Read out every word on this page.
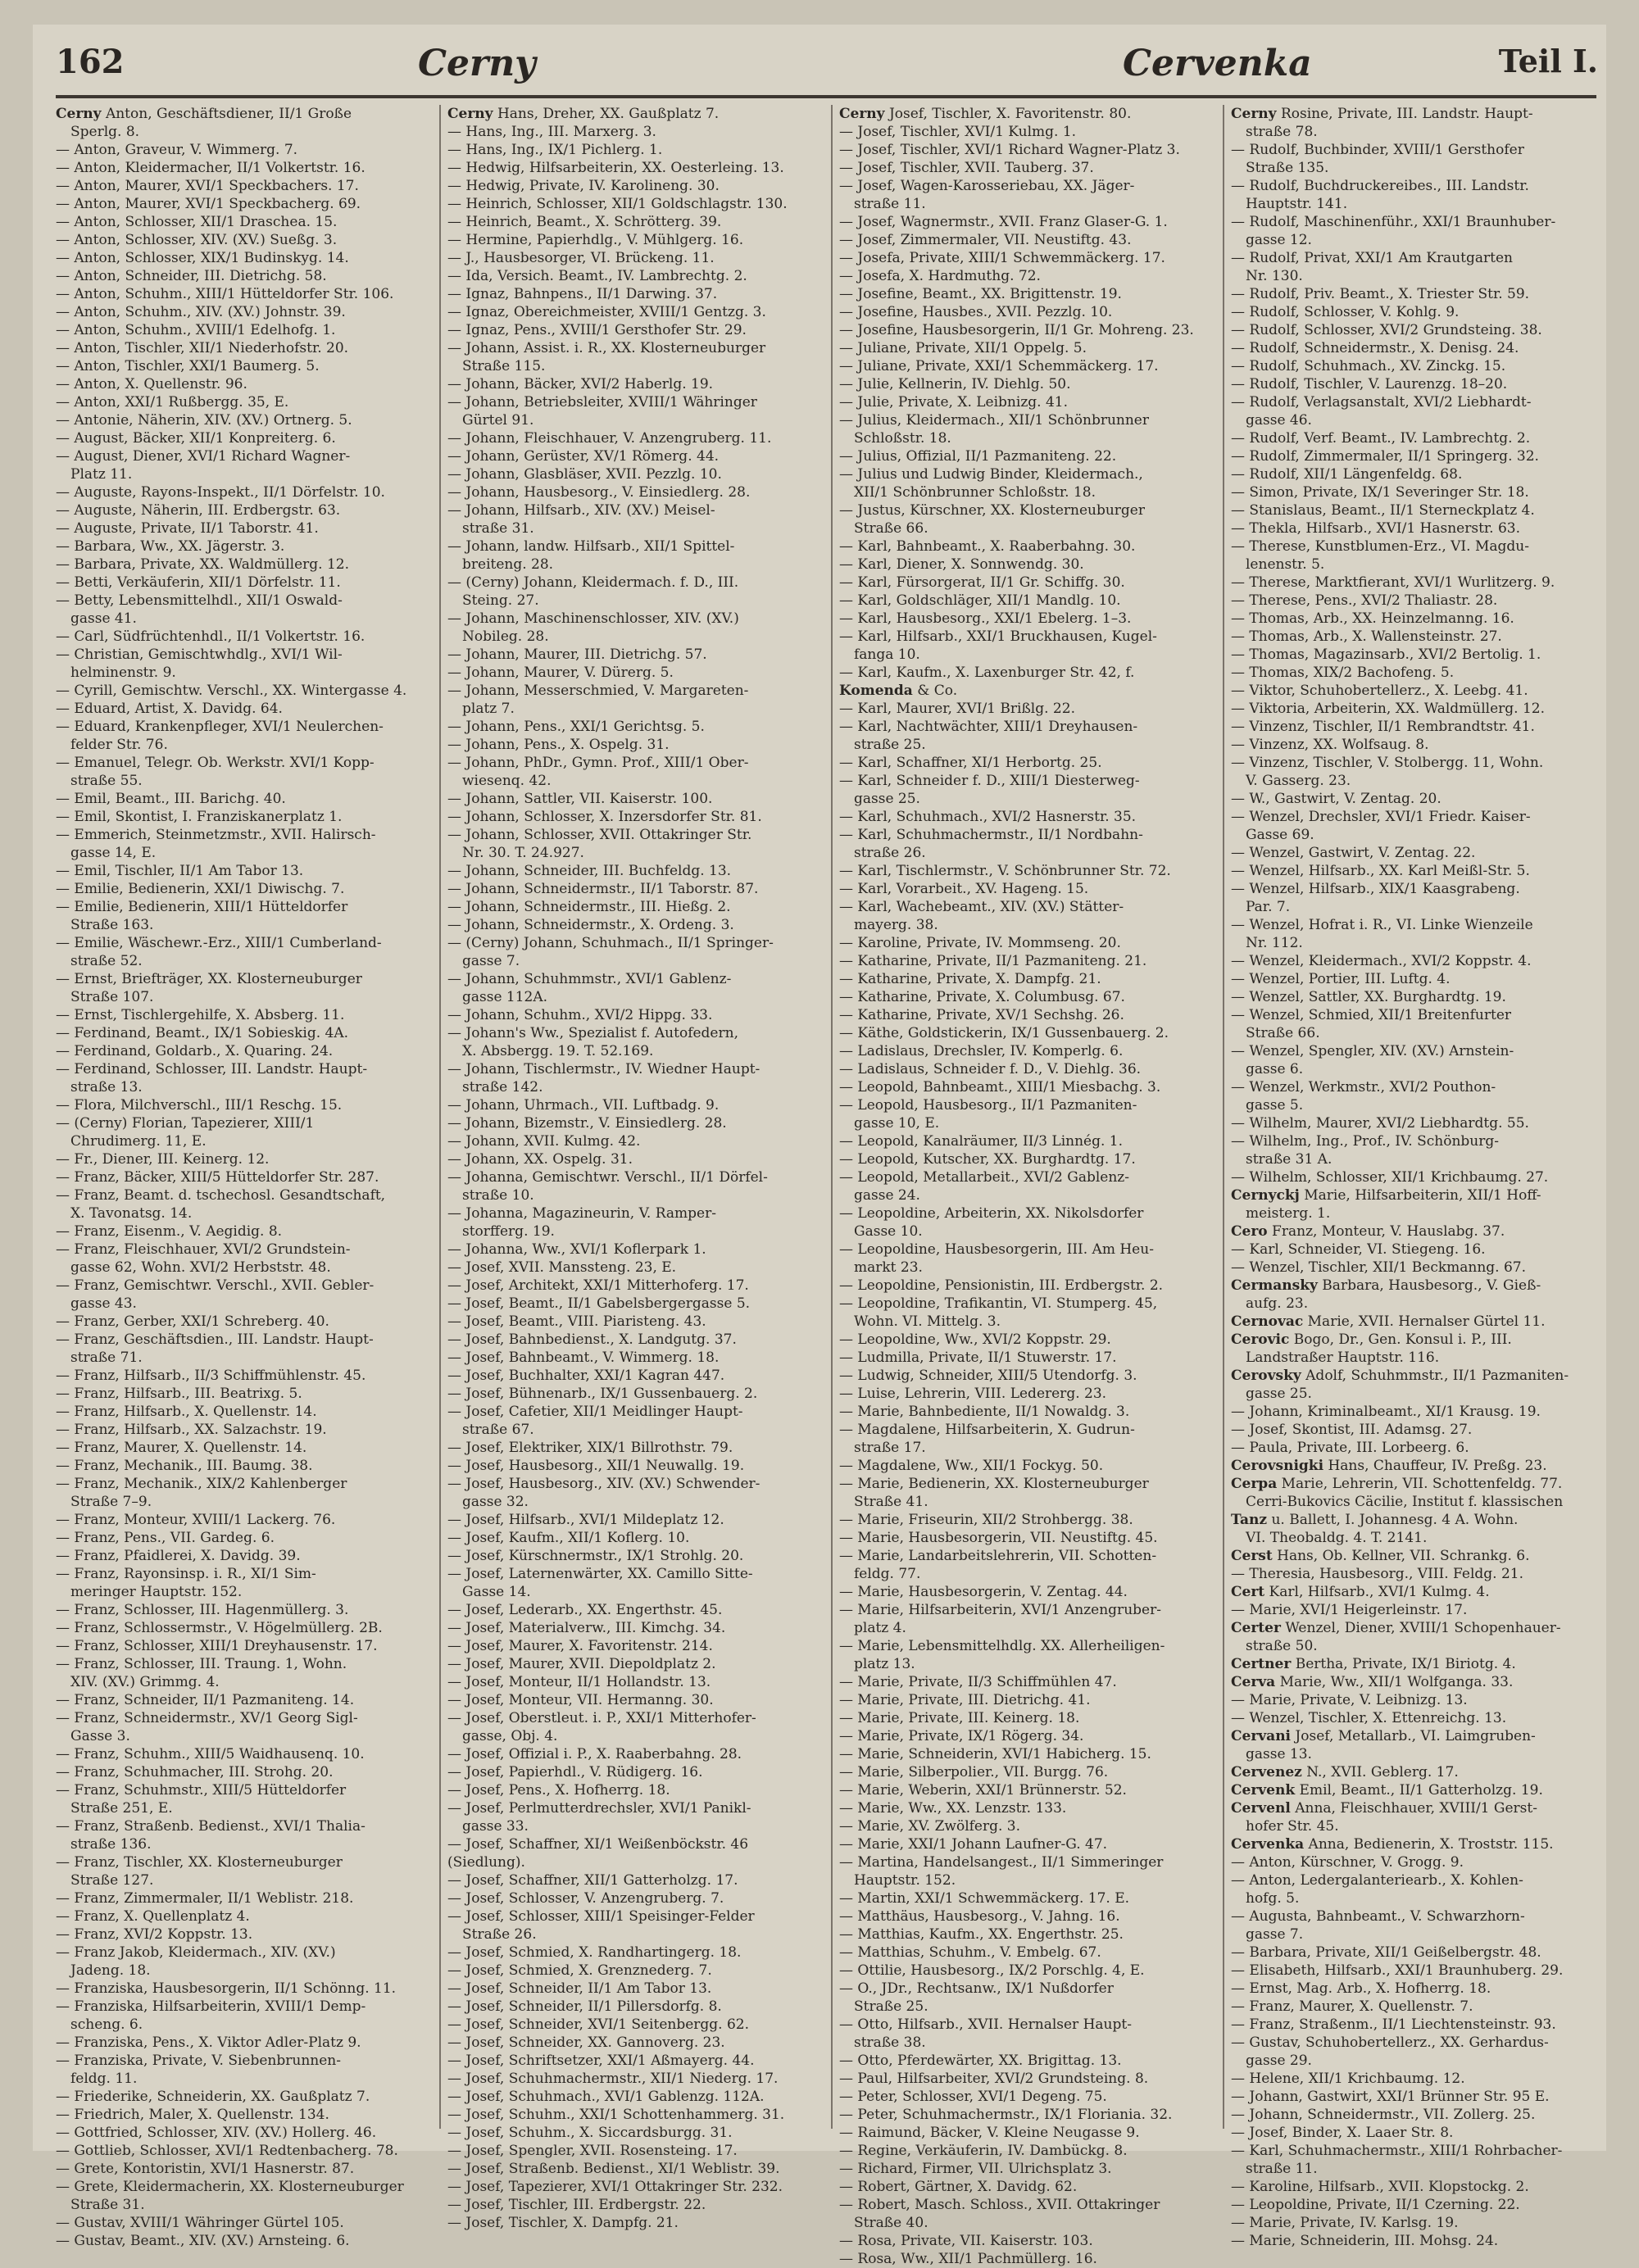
162	Cerny	Cervenka	Teil I.
Cerny Anton, Geschäftsdiener, II/1 Große
Sperlg. 8.
— Anton, Graveur, V. Wimmerg. 7.
— Anton, Kleidermacher, II/1 Volkertstr. 16.
— Anton, Maurer, XVI/1 Speckbachers. 17.
— Anton, Maurer, XVI/1 Speckbacherg. 69.
— Anton, Schlosser, XII/1 Draschea. 15.
— Anton, Schlosser, XIV. (XV.) Sueßg. 3.
— Anton, Schlosser, XIX/1 Budinskyg. 14.
— Anton, Schneider, III. Dietrichg. 58.
— Anton, Schuhm., XIII/1 Hütteldorfer Str. 106.
— Anton, Schuhm., XIV. (XV.) Johnstr. 39.
— Anton, Schuhm., XVIII/1 Edelhofg. 1.
— Anton, Tischler, XII/1 Niederhofstr. 20.
— Anton, Tischler, XXI/1 Baumerg. 5.
— Anton, X. Quellenstr. 96.
— Anton, XXI/1 Rußbergg. 35, E.
— Antonie, Näherin, XIV. (XV.) Ortnerg. 5.
— August, Bäcker, XII/1 Konpreiterg. 6.
— August, Diener, XVI/1 Richard Wagner-
Platz 11.
— Auguste, Rayons-Inspekt., II/1 Dörfelstr. 10.
— Auguste, Näherin, III. Erdbergstr. 63.
— Auguste, Private, II/1 Taborstr. 41.
— Barbara, Ww., XX. Jägerstr. 3.
— Barbara, Private, XX. Waldmüllerg. 12.
— Betti, Verkäuferin, XII/1 Dörfelstr. 11.
— Betty, Lebensmittelhdl., XII/1 Oswald-
gasse 41.
— Carl, Südfrüchtenhdl., II/1 Volkertstr. 16.
— Christian, Gemischtwhdlg., XVI/1 Wil-
helminenstr. 9.
— Cyrill, Gemischtw. Verschl., XX. Wintergasse 4.
— Eduard, Artist, X. Davidg. 64.
— Eduard, Krankenpfleger, XVI/1 Neulerchen-
felder Str. 76.
— Emanuel, Telegr. Ob. Werkstr. XVI/1 Kopp-
straße 55.
— Emil, Beamt., III. Barichg. 40.
— Emil, Skontist, I. Franziskanerplatz 1.
— Emmerich, Steinmetzmstr., XVII. Halirsch-
gasse 14, E.
— Emil, Tischler, II/1 Am Tabor 13.
— Emilie, Bedienerin, XXI/1 Diwischg. 7.
— Emilie, Bedienerin, XIII/1 Hütteldorfer
Straße 163.
— Emilie, Wäschewr.-Erz., XIII/1 Cumberland-
straße 52.
— Ernst, Briefträger, XX. Klosterneuburger
Straße 107.
— Ernst, Tischlergehilfe, X. Absberg. 11.
— Ferdinand, Beamt., IX/1 Sobieskig. 4A.
— Ferdinand, Goldarb., X. Quaring. 24.
— Ferdinand, Schlosser, III. Landstr. Haupt-
straße 13.
— Flora, Milchverschl., III/1 Reschg. 15.
— (Cerny) Florian, Tapezierer, XIII/1
Chrudimerg. 11, E.
— Fr., Diener, III. Keinerg. 12.
— Franz, Bäcker, XIII/5 Hütteldorfer Str. 287.
— Franz, Beamt. d. tschechosl. Gesandtschaft,
X. Tavonatsg. 14.
— Franz, Eisenm., V. Aegidig. 8.
— Franz, Fleischhauer, XVI/2 Grundstein-
gasse 62, Wohn. XVI/2 Herbststr. 48.
— Franz, Gemischtwr. Verschl., XVII. Gebler-
gasse 43.
— Franz, Gerber, XXI/1 Schreberg. 40.
— Franz, Geschäftsdien., III. Landstr. Haupt-
straße 71.
— Franz, Hilfsarb., II/3 Schiffmühlenstr. 45.
— Franz, Hilfsarb., III. Beatrixg. 5.
— Franz, Hilfsarb., X. Quellenstr. 14.
— Franz, Hilfsarb., XX. Salzachstr. 19.
— Franz, Maurer, X. Quellenstr. 14.
— Franz, Mechanik., III. Baumg. 38.
— Franz, Mechanik., XIX/2 Kahlenberger
Straße 7–9.
— Franz, Monteur, XVIII/1 Lackerg. 76.
— Franz, Pens., VII. Gardeg. 6.
— Franz, Pfaidlerei, X. Davidg. 39.
— Franz, Rayonsinsp. i. R., XI/1 Sim-
meringer Hauptstr. 152.
— Franz, Schlosser, III. Hagenmüllerg. 3.
— Franz, Schlossermstr., V. Högelmüllerg. 2B.
— Franz, Schlosser, XIII/1 Dreyhausenstr. 17.
— Franz, Schlosser, III. Traung. 1, Wohn.
XIV. (XV.) Grimmg. 4.
— Franz, Schneider, II/1 Pazmaniteng. 14.
— Franz, Schneidermstr., XV/1 Georg Sigl-
Gasse 3.
— Franz, Schuhm., XIII/5 Waidhausenq. 10.
— Franz, Schuhmacher, III. Strohg. 20.
— Franz, Schuhmstr., XIII/5 Hütteldorfer
Straße 251, E.
— Franz, Straßenb. Bedienst., XVI/1 Thalia-
straße 136.
— Franz, Tischler, XX. Klosterneuburger
Straße 127.
— Franz, Zimmermaler, II/1 Weblistr. 218.
— Franz, X. Quellenplatz 4.
— Franz, XVI/2 Koppstr. 13.
— Franz Jakob, Kleidermach., XIV. (XV.)
Jadeng. 18.
— Franziska, Hausbesorgerin, II/1 Schönng. 11.
— Franziska, Hilfsarbeiterin, XVIII/1 Demp-
scheng. 6.
— Franziska, Pens., X. Viktor Adler-Platz 9.
— Franziska, Private, V. Siebenbrunnen-
feldg. 11.
— Friederike, Schneiderin, XX. Gaußplatz 7.
— Friedrich, Maler, X. Quellenstr. 134.
— Gottfried, Schlosser, XIV. (XV.) Hollerg. 46.
— Gottlieb, Schlosser, XVI/1 Redtenbacherg. 78.
— Grete, Kontoristin, XVI/1 Hasnerstr. 87.
— Grete, Kleidermacherin, XX. Klosterneuburger
Straße 31.
— Gustav, XVIII/1 Währinger Gürtel 105.
— Gustav, Beamt., XIV. (XV.) Arnsteing. 6.
Cerny Hans, Dreher, XX. Gaußplatz 7.
— Hans, Ing., III. Marxerg. 3.
— Hans, Ing., IX/1 Pichlerg. 1.
— Hedwig, Hilfsarbeiterin, XX. Oesterleing. 13.
— Hedwig, Private, IV. Karolineng. 30.
— Heinrich, Schlosser, XII/1 Goldschlagstr. 130.
— Heinrich, Beamt., X. Schrötterg. 39.
— Hermine, Papierhdlg., V. Mühlgerg. 16.
— J., Hausbesorger, VI. Brückeng. 11.
— Ida, Versich. Beamt., IV. Lambrechtg. 2.
— Ignaz, Bahnpens., II/1 Darwing. 37.
— Ignaz, Obereichmeister, XVIII/1 Gentzg. 3.
— Ignaz, Pens., XVIII/1 Gersthofer Str. 29.
— Johann, Assist. i. R., XX. Klosterneuburger
Straße 115.
— Johann, Bäcker, XVI/2 Haberlg. 19.
— Johann, Betriebsleiter, XVIII/1 Währinger
Gürtel 91.
— Johann, Fleischhauer, V. Anzengruberg. 11.
— Johann, Gerüster, XV/1 Römerg. 44.
— Johann, Glasbläser, XVII. Pezzlg. 10.
— Johann, Hausbesorg., V. Einsiedlerg. 28.
— Johann, Hilfsarb., XIV. (XV.) Meisel-
straße 31.
— Johann, landw. Hilfsarb., XII/1 Spittel-
breiteng. 28.
— (Cerny) Johann, Kleidermach. f. D., III.
Steing. 27.
— Johann, Maschinenschlosser, XIV. (XV.)
Nobileg. 28.
— Johann, Maurer, III. Dietrichg. 57.
— Johann, Maurer, V. Dürerg. 5.
— Johann, Messerschmied, V. Margareten-
platz 7.
— Johann, Pens., XXI/1 Gerichtsg. 5.
— Johann, Pens., X. Ospelg. 31.
— Johann, PhDr., Gymn. Prof., XIII/1 Ober-
wiesenq. 42.
— Johann, Sattler, VII. Kaiserstr. 100.
— Johann, Schlosser, X. Inzersdorfer Str. 81.
— Johann, Schlosser, XVII. Ottakringer Str.
Nr. 30. T. 24.927.
— Johann, Schneider, III. Buchfeldg. 13.
— Johann, Schneidermstr., II/1 Taborstr. 87.
— Johann, Schneidermstr., III. Hießg. 2.
— Johann, Schneidermstr., X. Ordeng. 3.
— (Cerny) Johann, Schuhmach., II/1 Springer-
gasse 7.
— Johann, Schuhmmstr., XVI/1 Gablenz-
gasse 112A.
— Johann, Schuhm., XVI/2 Hippg. 33.
— Johann's Ww., Spezialist f. Autofedern,
X. Absbergg. 19. T. 52.169.
— Johann, Tischlermstr., IV. Wiedner Haupt-
straße 142.
— Johann, Uhrmach., VII. Luftbadg. 9.
— Johann, Bizemstr., V. Einsiedlerg. 28.
— Johann, XVII. Kulmg. 42.
— Johann, XX. Ospelg. 31.
— Johanna, Gemischtwr. Verschl., II/1 Dörfel-
straße 10.
— Johanna, Magazineurin, V. Ramper-
storfferg. 19.
— Johanna, Ww., XVI/1 Koflerpark 1.
— Josef, XVII. Manssteng. 23, E.
— Josef, Architekt, XXI/1 Mitterhoferg. 17.
— Josef, Beamt., II/1 Gabelsbergergasse 5.
— Josef, Beamt., VIII. Piaristeng. 43.
— Josef, Bahnbedienst., X. Landgutg. 37.
— Josef, Bahnbeamt., V. Wimmerg. 18.
— Josef, Buchhalter, XXI/1 Kagran 447.
— Josef, Bühnenarb., IX/1 Gussenbauerg. 2.
— Josef, Cafetier, XII/1 Meidlinger Haupt-
straße 67.
— Josef, Elektriker, XIX/1 Billrothstr. 79.
— Josef, Hausbesorg., XII/1 Neuwallg. 19.
— Josef, Hausbesorg., XIV. (XV.) Schwender-
gasse 32.
— Josef, Hilfsarb., XVI/1 Mildeplatz 12.
— Josef, Kaufm., XII/1 Koflerg. 10.
— Josef, Kürschnermstr., IX/1 Strohlg. 20.
— Josef, Laternenwärter, XX. Camillo Sitte-
Gasse 14.
— Josef, Lederarb., XX. Engerthstr. 45.
— Josef, Materialverw., III. Kimchg. 34.
— Josef, Maurer, X. Favoritenstr. 214.
— Josef, Maurer, XVII. Diepoldplatz 2.
— Josef, Monteur, II/1 Hollandstr. 13.
— Josef, Monteur, VII. Hermanng. 30.
— Josef, Oberstleut. i. P., XXI/1 Mitterhofer-
gasse, Obj. 4.
— Josef, Offizial i. P., X. Raaberbahng. 28.
— Josef, Papierhdl., V. Rüdigerg. 16.
— Josef, Pens., X. Hofherrg. 18.
— Josef, Perlmutterdrechsler, XVI/1 Panikl-
gasse 33.
— Josef, Schaffner, XI/1 Weißenböckstr. 46
(Siedlung).
— Josef, Schaffner, XII/1 Gatterholzg. 17.
— Josef, Schlosser, V. Anzengruberg. 7.
— Josef, Schlosser, XIII/1 Speisinger-Felder
Straße 26.
— Josef, Schmied, X. Randhartingerg. 18.
— Josef, Schmied, X. Grenznederg. 7.
— Josef, Schneider, II/1 Am Tabor 13.
— Josef, Schneider, II/1 Pillersdorfg. 8.
— Josef, Schneider, XVI/1 Seitenbergg. 62.
— Josef, Schneider, XX. Gannoverg. 23.
— Josef, Schriftsetzer, XXI/1 Aßmayerg. 44.
— Josef, Schuhmachermstr., XII/1 Niederg. 17.
— Josef, Schuhmach., XVI/1 Gablenzg. 112A.
— Josef, Schuhm., XXI/1 Schottenhammerg. 31.
— Josef, Schuhm., X. Siccardsburgg. 31.
— Josef, Spengler, XVII. Rosensteing. 17.
— Josef, Straßenb. Bedienst., XI/1 Weblistr. 39.
— Josef, Tapezierer, XVI/1 Ottakringer Str. 232.
— Josef, Tischler, III. Erdbergstr. 22.
— Josef, Tischler, X. Dampfg. 21.
Cerny Josef, Tischler, X. Favoritenstr. 80.
— Josef, Tischler, XVI/1 Kulmg. 1.
— Josef, Tischler, XVI/1 Richard Wagner-Platz 3.
— Josef, Tischler, XVII. Tauberg. 37.
— Josef, Wagen-Karosseriebau, XX. Jäger-
straße 11.
— Josef, Wagnermstr., XVII. Franz Glaser-G. 1.
— Josef, Zimmermaler, VII. Neustiftg. 43.
— Josefa, Private, XIII/1 Schwemmäckerg. 17.
— Josefa, X. Hardmuthg. 72.
— Josefine, Beamt., XX. Brigittenstr. 19.
— Josefine, Hausbes., XVII. Pezzlg. 10.
— Josefine, Hausbesorgerin, II/1 Gr. Mohreng. 23.
— Juliane, Private, XII/1 Oppelg. 5.
— Juliane, Private, XXI/1 Schemmäckerg. 17.
— Julie, Kellnerin, IV. Diehlg. 50.
— Julie, Private, X. Leibnizg. 41.
— Julius, Kleidermach., XII/1 Schönbrunner
Schloßstr. 18.
— Julius, Offizial, II/1 Pazmaniteng. 22.
— Julius und Ludwig Binder, Kleidermach.,
XII/1 Schönbrunner Schloßstr. 18.
— Justus, Kürschner, XX. Klosterneuburger
Straße 66.
— Karl, Bahnbeamt., X. Raaberbahng. 30.
— Karl, Diener, X. Sonnwendg. 30.
— Karl, Fürsorgerat, II/1 Gr. Schiffg. 30.
— Karl, Goldschläger, XII/1 Mandlg. 10.
— Karl, Hausbesorg., XXI/1 Ebelerg. 1–3.
— Karl, Hilfsarb., XXI/1 Bruckhausen, Kugel-
fanga 10.
— Karl, Kaufm., X. Laxenburger Str. 42, f.
Komenda & Co.
— Karl, Maurer, XVI/1 Brißlg. 22.
— Karl, Nachtwächter, XIII/1 Dreyhausen-
straße 25.
— Karl, Schaffner, XI/1 Herbortg. 25.
— Karl, Schneider f. D., XIII/1 Diesterweg-
gasse 25.
— Karl, Schuhmach., XVI/2 Hasnerstr. 35.
— Karl, Schuhmachermstr., II/1 Nordbahn-
straße 26.
— Karl, Tischlermstr., V. Schönbrunner Str. 72.
— Karl, Vorarbeit., XV. Hageng. 15.
— Karl, Wachebeamt., XIV. (XV.) Stätter-
mayerg. 38.
— Karoline, Private, IV. Mommseng. 20.
— Katharine, Private, II/1 Pazmaniteng. 21.
— Katharine, Private, X. Dampfg. 21.
— Katharine, Private, X. Columbusg. 67.
— Katharine, Private, XV/1 Sechshg. 26.
— Käthe, Goldstickerin, IX/1 Gussenbauerg. 2.
— Ladislaus, Drechsler, IV. Komperlg. 6.
— Ladislaus, Schneider f. D., V. Diehlg. 36.
— Leopold, Bahnbeamt., XIII/1 Miesbachg. 3.
— Leopold, Hausbesorg., II/1 Pazmaniten-
gasse 10, E.
— Leopold, Kanalräumer, II/3 Linnég. 1.
— Leopold, Kutscher, XX. Burghardtg. 17.
— Leopold, Metallarbeit., XVI/2 Gablenz-
gasse 24.
— Leopoldine, Arbeiterin, XX. Nikolsdorfer
Gasse 10.
— Leopoldine, Hausbesorgerin, III. Am Heu-
markt 23.
— Leopoldine, Pensionistin, III. Erdbergstr. 2.
— Leopoldine, Trafikantin, VI. Stumperg. 45,
Wohn. VI. Mittelg. 3.
— Leopoldine, Ww., XVI/2 Koppstr. 29.
— Ludmilla, Private, II/1 Stuwerstr. 17.
— Ludwig, Schneider, XIII/5 Utendorfg. 3.
— Luise, Lehrerin, VIII. Ledererg. 23.
— Marie, Bahnbediente, II/1 Nowaldg. 3.
— Magdalene, Hilfsarbeiterin, X. Gudrun-
straße 17.
— Magdalene, Ww., XII/1 Fockyg. 50.
— Marie, Bedienerin, XX. Klosterneuburger
Straße 41.
— Marie, Friseurin, XII/2 Strohbergg. 38.
— Marie, Hausbesorgerin, VII. Neustiftg. 45.
— Marie, Landarbeitslehrerin, VII. Schotten-
feldg. 77.
— Marie, Hausbesorgerin, V. Zentag. 44.
— Marie, Hilfsarbeiterin, XVI/1 Anzengruber-
platz 4.
— Marie, Lebensmittelhdlg. XX. Allerheiligen-
platz 13.
— Marie, Private, II/3 Schiffmühlen 47.
— Marie, Private, III. Dietrichg. 41.
— Marie, Private, III. Keinerg. 18.
— Marie, Private, IX/1 Rögerg. 34.
— Marie, Schneiderin, XVI/1 Habicherg. 15.
— Marie, Silberpolier., VII. Burgg. 76.
— Marie, Weberin, XXI/1 Brünnerstr. 52.
— Marie, Ww., XX. Lenzstr. 133.
— Marie, XV. Zwölferg. 3.
— Marie, XXI/1 Johann Laufner-G. 47.
— Martina, Handelsangest., II/1 Simmeringer
Hauptstr. 152.
— Martin, XXI/1 Schwemmäckerg. 17. E.
— Matthäus, Hausbesorg., V. Jahng. 16.
— Matthias, Kaufm., XX. Engerthstr. 25.
— Matthias, Schuhm., V. Embelg. 67.
— Ottilie, Hausbesorg., IX/2 Porschlg. 4, E.
— O., JDr., Rechtsanw., IX/1 Nußdorfer
Straße 25.
— Otto, Hilfsarb., XVII. Hernalser Haupt-
straße 38.
— Otto, Pferdewärter, XX. Brigittag. 13.
— Paul, Hilfsarbeiter, XVI/2 Grundsteing. 8.
— Peter, Schlosser, XVI/1 Degeng. 75.
— Peter, Schuhmachermstr., IX/1 Floriania. 32.
— Raimund, Bäcker, V. Kleine Neugasse 9.
— Regine, Verkäuferin, IV. Dambückg. 8.
— Richard, Firmer, VII. Ulrichsplatz 3.
— Robert, Gärtner, X. Davidg. 62.
— Robert, Masch. Schloss., XVII. Ottakringer
Straße 40.
— Rosa, Private, VII. Kaiserstr. 103.
— Rosa, Ww., XII/1 Pachmüllerg. 16.
Cerny Rosine, Private, III. Landstr. Haupt-
straße 78.
— Rudolf, Buchbinder, XVIII/1 Gersthofer
Straße 135.
— Rudolf, Buchdruckereibes., III. Landstr.
Hauptstr. 141.
— Rudolf, Maschinenführ., XXI/1 Braunhuber-
gasse 12.
— Rudolf, Privat, XXI/1 Am Krautgarten
Nr. 130.
— Rudolf, Priv. Beamt., X. Triester Str. 59.
— Rudolf, Schlosser, V. Kohlg. 9.
— Rudolf, Schlosser, XVI/2 Grundsteing. 38.
— Rudolf, Schneidermstr., X. Denisg. 24.
— Rudolf, Schuhmach., XV. Zinckg. 15.
— Rudolf, Tischler, V. Laurenzg. 18–20.
— Rudolf, Verlagsanstalt, XVI/2 Liebhardt-
gasse 46.
— Rudolf, Verf. Beamt., IV. Lambrechtg. 2.
— Rudolf, Zimmermaler, II/1 Springerg. 32.
— Rudolf, XII/1 Längenfeldg. 68.
— Simon, Private, IX/1 Severinger Str. 18.
— Stanislaus, Beamt., II/1 Sterneckplatz 4.
— Thekla, Hilfsarb., XVI/1 Hasnerstr. 63.
— Therese, Kunstblumen-Erz., VI. Magdu-
lenenstr. 5.
— Therese, Marktfierant, XVI/1 Wurlitzerg. 9.
— Therese, Pens., XVI/2 Thaliastr. 28.
— Thomas, Arb., XX. Heinzelmanng. 16.
— Thomas, Arb., X. Wallensteinstr. 27.
— Thomas, Magazinsarb., XVI/2 Bertolig. 1.
— Thomas, XIX/2 Bachofeng. 5.
— Viktor, Schuhobertellerz., X. Leebg. 41.
— Viktoria, Arbeiterin, XX. Waldmüllerg. 12.
— Vinzenz, Tischler, II/1 Rembrandtstr. 41.
— Vinzenz, XX. Wolfsaug. 8.
— Vinzenz, Tischler, V. Stolbergg. 11, Wohn.
V. Gasserg. 23.
— W., Gastwirt, V. Zentag. 20.
— Wenzel, Drechsler, XVI/1 Friedr. Kaiser-
Gasse 69.
— Wenzel, Gastwirt, V. Zentag. 22.
— Wenzel, Hilfsarb., XX. Karl Meißl-Str. 5.
— Wenzel, Hilfsarb., XIX/1 Kaasgrabeng.
Par. 7.
— Wenzel, Hofrat i. R., VI. Linke Wienzeile
Nr. 112.
— Wenzel, Kleidermach., XVI/2 Koppstr. 4.
— Wenzel, Portier, III. Luftg. 4.
— Wenzel, Sattler, XX. Burghardtg. 19.
— Wenzel, Schmied, XII/1 Breitenfurter
Straße 66.
— Wenzel, Spengler, XIV. (XV.) Arnstein-
gasse 6.
— Wenzel, Werkmstr., XVI/2 Pouthon-
gasse 5.
— Wilhelm, Maurer, XVI/2 Liebhardtg. 55.
— Wilhelm, Ing., Prof., IV. Schönburg-
straße 31 A.
— Wilhelm, Schlosser, XII/1 Krichbaumg. 27.
Cernyckj Marie, Hilfsarbeiterin, XII/1 Hoff-
meisterg. 1.
Cero Franz, Monteur, V. Hauslabg. 37.
— Karl, Schneider, VI. Stiegeng. 16.
— Wenzel, Tischler, XII/1 Beckmanng. 67.
Cermansky Barbara, Hausbesorg., V. Gieß-
aufg. 23.
Cernovac Marie, XVII. Hernalser Gürtel 11.
Cerovic Bogo, Dr., Gen. Konsul i. P., III.
Landstraßer Hauptstr. 116.
Cerovsky Adolf, Schuhmmstr., II/1 Pazmaniten-
gasse 25.
— Johann, Kriminalbeamt., XI/1 Krausg. 19.
— Josef, Skontist, III. Adamsg. 27.
— Paula, Private, III. Lorbeerg. 6.
Cerovsnigki Hans, Chauffeur, IV. Preßg. 23.
Cerpa Marie, Lehrerin, VII. Schottenfeldg. 77.
Cerri-Bukovics Cäcilie, Institut f. klassischen
Tanz u. Ballett, I. Johannesg. 4 A. Wohn.
VI. Theobaldg. 4. T. 2141.
Cerst Hans, Ob. Kellner, VII. Schrankg. 6.
— Theresia, Hausbesorg., VIII. Feldg. 21.
Cert Karl, Hilfsarb., XVI/1 Kulmg. 4.
— Marie, XVI/1 Heigerleinstr. 17.
Certer Wenzel, Diener, XVIII/1 Schopenhauer-
straße 50.
Certner Bertha, Private, IX/1 Biriotg. 4.
Cerva Marie, Ww., XII/1 Wolfganga. 33.
— Marie, Private, V. Leibnizg. 13.
— Wenzel, Tischler, X. Ettenreichg. 13.
Cervani Josef, Metallarb., VI. Laimgruben-
gasse 13.
Cervenez N., XVII. Geblerg. 17.
Cervenk Emil, Beamt., II/1 Gatterholzg. 19.
Cervenl Anna, Fleischhauer, XVIII/1 Gerst-
hofer Str. 45.
Cervenka Anna, Bedienerin, X. Troststr. 115.
— Anton, Kürschner, V. Grogg. 9.
— Anton, Ledergalanteriearb., X. Kohlen-
hofg. 5.
— Augusta, Bahnbeamt., V. Schwarzhorn-
gasse 7.
— Barbara, Private, XII/1 Geißelbergstr. 48.
— Elisabeth, Hilfsarb., XXI/1 Braunhuberg. 29.
— Ernst, Mag. Arb., X. Hofherrg. 18.
— Franz, Maurer, X. Quellenstr. 7.
— Franz, Straßenm., II/1 Liechtensteinstr. 93.
— Gustav, Schuhobertellerz., XX. Gerhardus-
gasse 29.
— Helene, XII/1 Krichbaumg. 12.
— Johann, Gastwirt, XXI/1 Brünner Str. 95 E.
— Johann, Schneidermstr., VII. Zollerg. 25.
— Josef, Binder, X. Laaer Str. 8.
— Karl, Schuhmachermstr., XIII/1 Rohrbacher-
straße 11.
— Karoline, Hilfsarb., XVII. Klopstockg. 2.
— Leopoldine, Private, II/1 Czerning. 22.
— Marie, Private, IV. Karlsg. 19.
— Marie, Schneiderin, III. Mohsg. 24.
